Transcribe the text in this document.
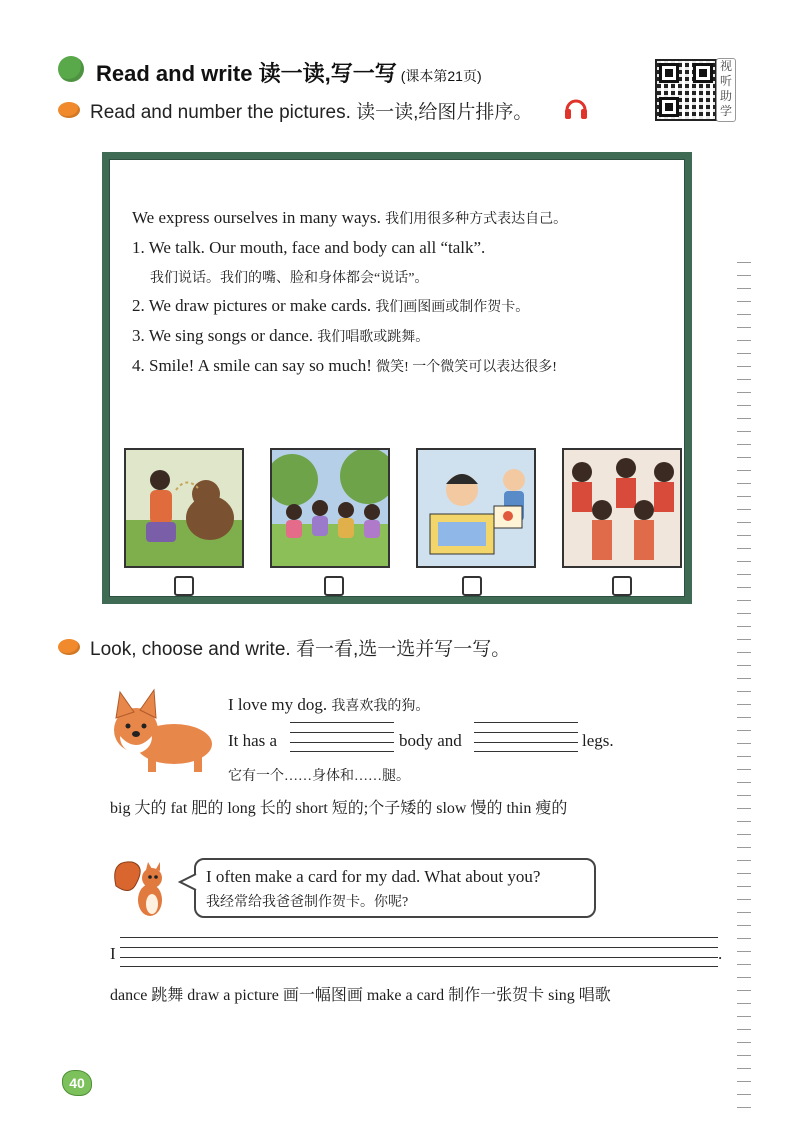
Read and write 读一读,写一写 (课本第21页)
视听助学
Read and number the pictures. 读一读,给图片排序。
We express ourselves in many ways. 我们用很多种方式表达自己。
1. We talk. Our mouth, face and body can all “talk”.
我们说话。我们的嘴、脸和身体都会“说话”。
2. We draw pictures or make cards. 我们画图画或制作贺卡。
3. We sing songs or dance. 我们唱歌或跳舞。
4. Smile! A smile can say so much! 微笑! 一个微笑可以表达很多!
Look, choose and write. 看一看,选一选并写一写。
I love my dog. 我喜欢我的狗。
It has a	body and	legs.
它有一个……身体和……腿。
big 大的 fat 肥的 long 长的 short 短的;个子矮的 slow 慢的 thin 瘦的
I often make a card for my dad. What about you?
我经常给我爸爸制作贺卡。你呢?
I	.
dance 跳舞 draw a picture 画一幅图画 make a card 制作一张贺卡 sing 唱歌
40
